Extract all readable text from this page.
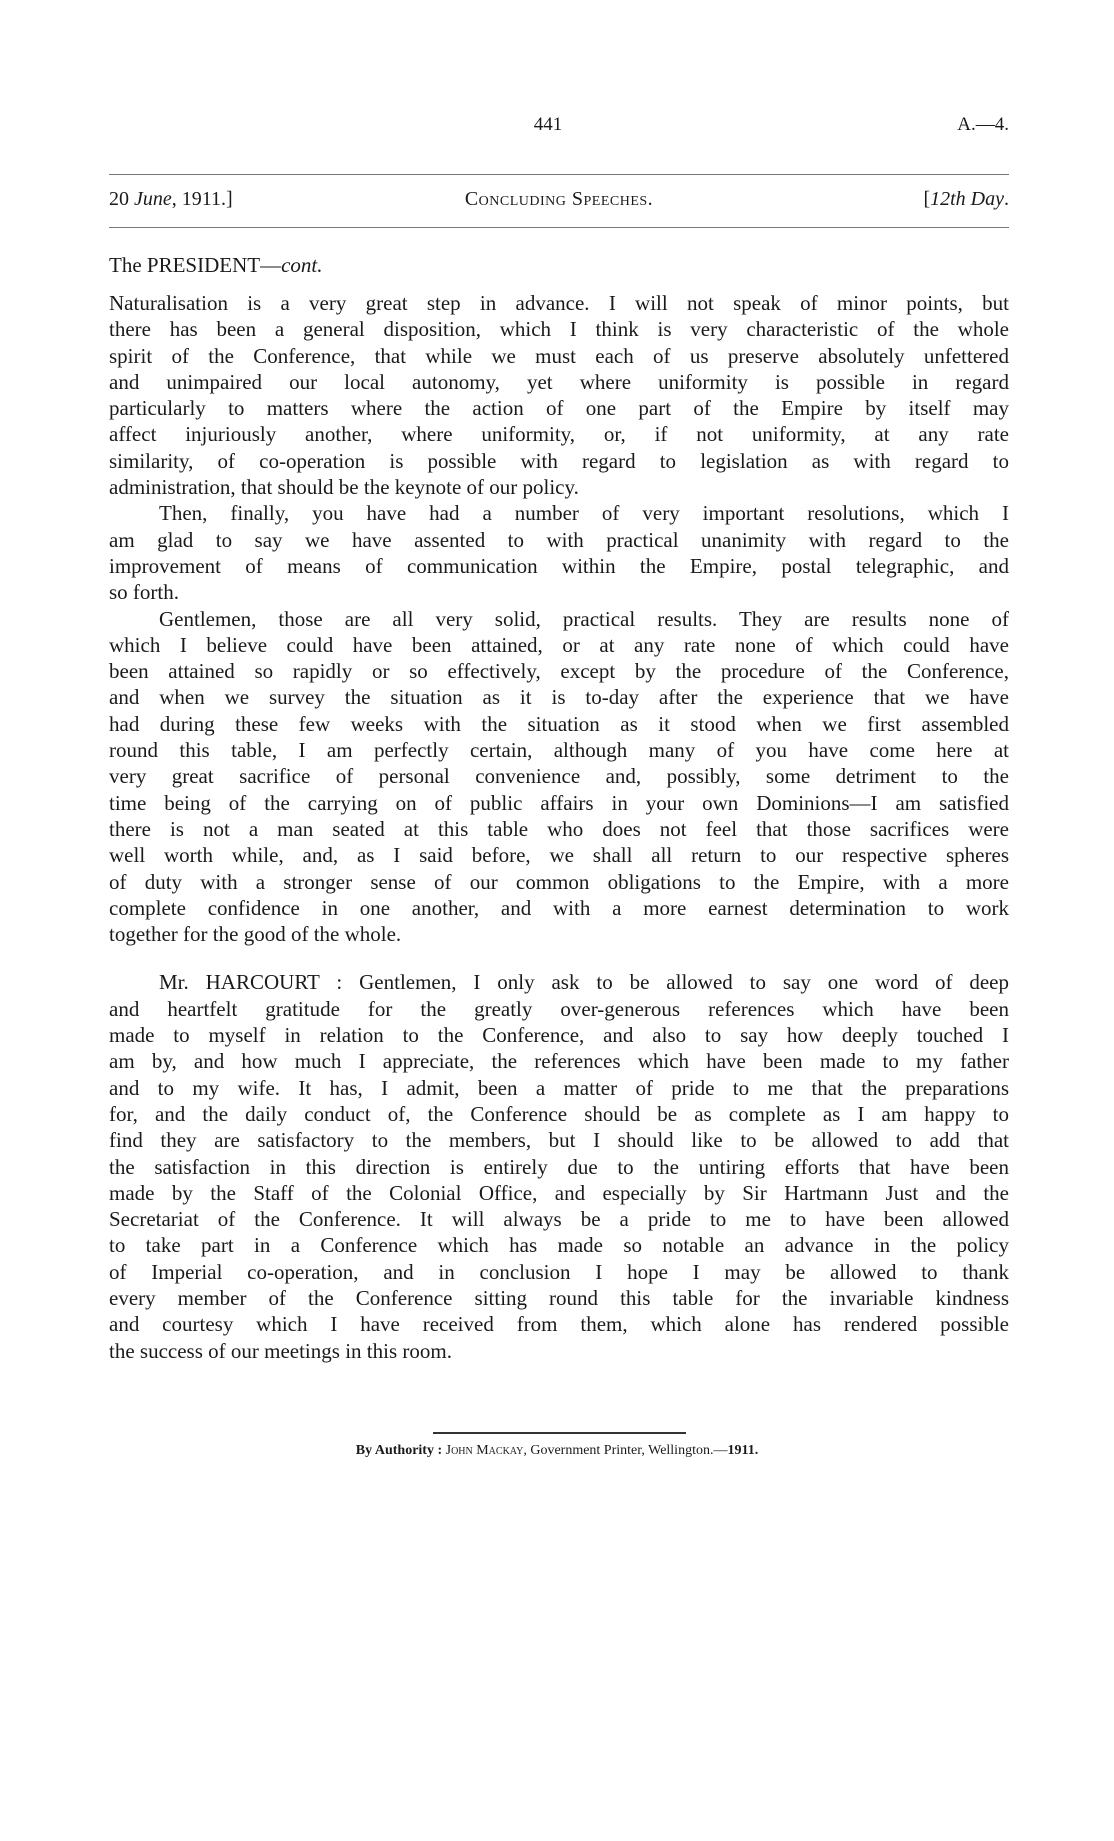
441	A.—4.
20 June, 1911.]	Concluding Speeches.	[12th Day.
The PRESIDENT—cont.
Naturalisation is a very great step in advance. I will not speak of minor points, but
there has been a general disposition, which I think is very characteristic of the whole
spirit of the Conference, that while we must each of us preserve absolutely unfettered
and unimpaired our local autonomy, yet where uniformity is possible in regard
particularly to matters where the action of one part of the Empire by itself may
affect injuriously another, where uniformity, or, if not uniformity, at any rate
similarity, of co-operation is possible with regard to legislation as with regard to
administration, that should be the keynote of our policy.
Then, finally, you have had a number of very important resolutions, which I
am glad to say we have assented to with practical unanimity with regard to the
improvement of means of communication within the Empire, postal telegraphic, and
so forth.
Gentlemen, those are all very solid, practical results. They are results none of
which I believe could have been attained, or at any rate none of which could have
been attained so rapidly or so effectively, except by the procedure of the Conference,
and when we survey the situation as it is to-day after the experience that we have
had during these few weeks with the situation as it stood when we first assembled
round this table, I am perfectly certain, although many of you have come here at
very great sacrifice of personal convenience and, possibly, some detriment to the
time being of the carrying on of public affairs in your own Dominions—I am satisfied
there is not a man seated at this table who does not feel that those sacrifices were
well worth while, and, as I said before, we shall all return to our respective spheres
of duty with a stronger sense of our common obligations to the Empire, with a more
complete confidence in one another, and with a more earnest determination to work
together for the good of the whole.
Mr. HARCOURT : Gentlemen, I only ask to be allowed to say one word of deep
and heartfelt gratitude for the greatly over-generous references which have been
made to myself in relation to the Conference, and also to say how deeply touched I
am by, and how much I appreciate, the references which have been made to my father
and to my wife. It has, I admit, been a matter of pride to me that the preparations
for, and the daily conduct of, the Conference should be as complete as I am happy to
find they are satisfactory to the members, but I should like to be allowed to add that
the satisfaction in this direction is entirely due to the untiring efforts that have been
made by the Staff of the Colonial Office, and especially by Sir Hartmann Just and the
Secretariat of the Conference. It will always be a pride to me to have been allowed
to take part in a Conference which has made so notable an advance in the policy
of Imperial co-operation, and in conclusion I hope I may be allowed to thank
every member of the Conference sitting round this table for the invariable kindness
and courtesy which I have received from them, which alone has rendered possible
the success of our meetings in this room.
By Authority : John Mackay, Government Printer, Wellington.—1911.
